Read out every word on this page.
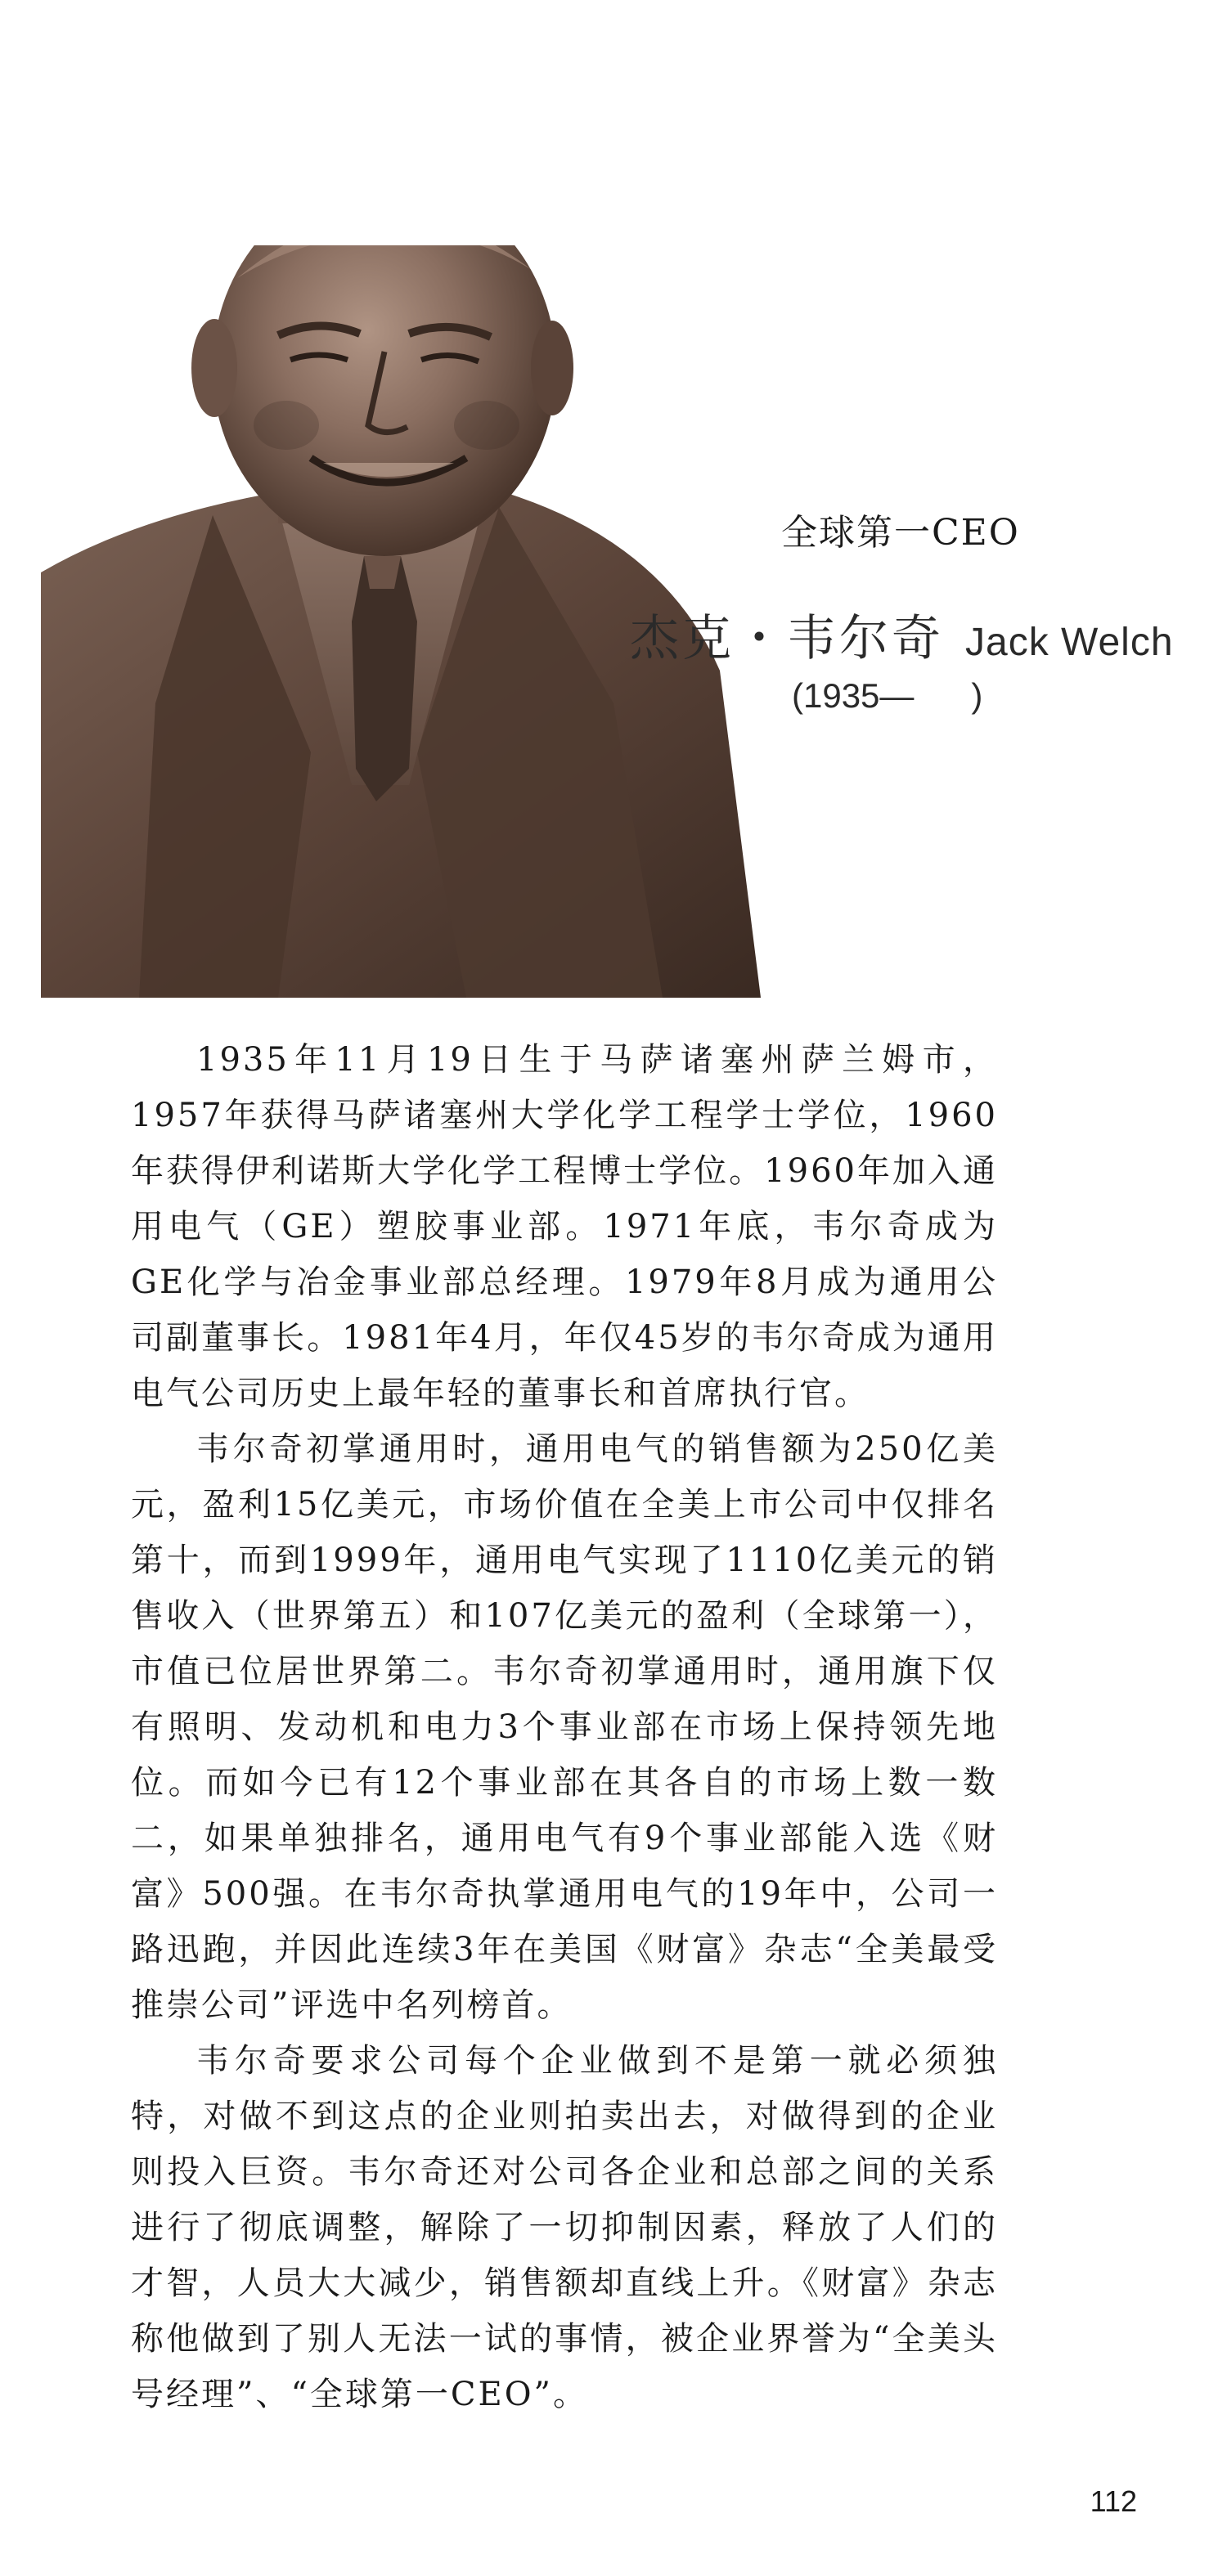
全球第一CEO
杰克・韦尔奇 Jack Welch
(1935—      )

1935年11月19日生于马萨诸塞州萨兰姆市，1957年获得马萨诸塞州大学化学工程学士学位，1960年获得伊利诺斯大学化学工程博士学位。1960年加入通用电气（GE）塑胶事业部。1971年底，韦尔奇成为GE化学与冶金事业部总经理。1979年8月成为通用公司副董事长。1981年4月，年仅45岁的韦尔奇成为通用电气公司历史上最年轻的董事长和首席执行官。

韦尔奇初掌通用时，通用电气的销售额为250亿美元，盈利15亿美元，市场价值在全美上市公司中仅排名第十，而到1999年，通用电气实现了1110亿美元的销售收入（世界第五）和107亿美元的盈利（全球第一），市值已位居世界第二。韦尔奇初掌通用时，通用旗下仅有照明、发动机和电力3个事业部在市场上保持领先地位。而如今已有12个事业部在其各自的市场上数一数二，如果单独排名，通用电气有9个事业部能入选《财富》500强。在韦尔奇执掌通用电气的19年中，公司一路迅跑，并因此连续3年在美国《财富》杂志“全美最受推崇公司”评选中名列榜首。

韦尔奇要求公司每个企业做到不是第一就必须独特，对做不到这点的企业则拍卖出去，对做得到的企业则投入巨资。韦尔奇还对公司各企业和总部之间的关系进行了彻底调整，解除了一切抑制因素，释放了人们的才智，人员大大减少，销售额却直线上升。《财富》杂志称他做到了别人无法一试的事情，被企业界誉为“全美头号经理”、“全球第一CEO”。

112
